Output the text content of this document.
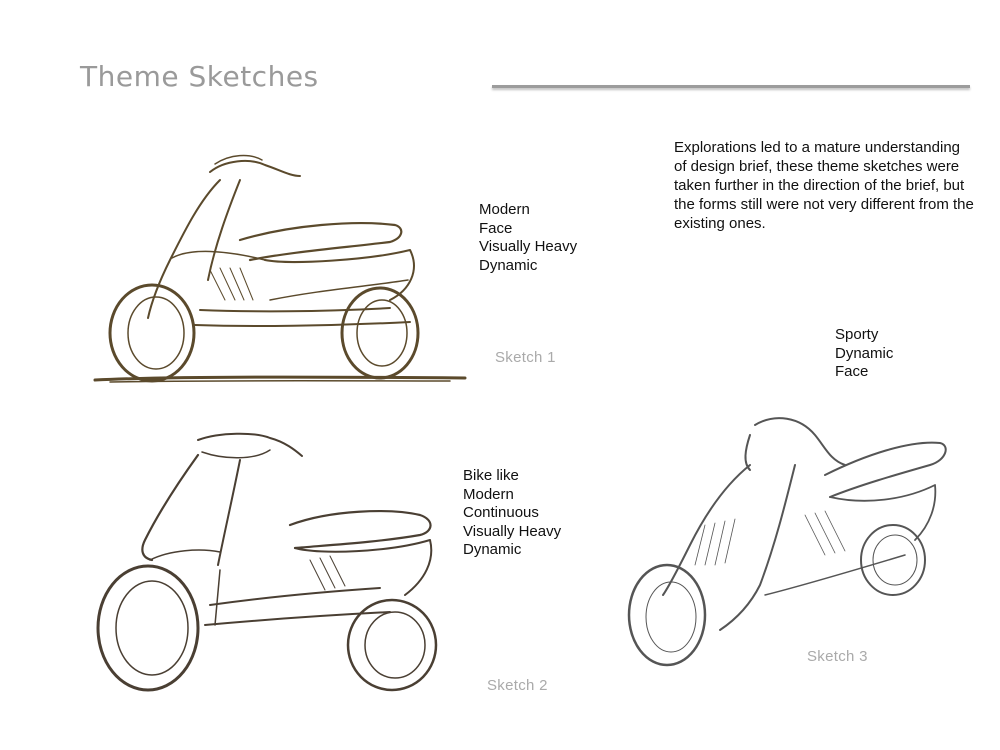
Theme Sketches
Explorations led to a mature understanding of design brief, these theme sketches were taken further in the direction of the brief, but the forms still were not very different from the existing ones.
Modern
Face
Visually Heavy
Dynamic
Sketch 1
Bike like
Modern
Continuous
Visually Heavy
Dynamic
Sketch 2
Sporty
Dynamic
Face
Sketch 3
